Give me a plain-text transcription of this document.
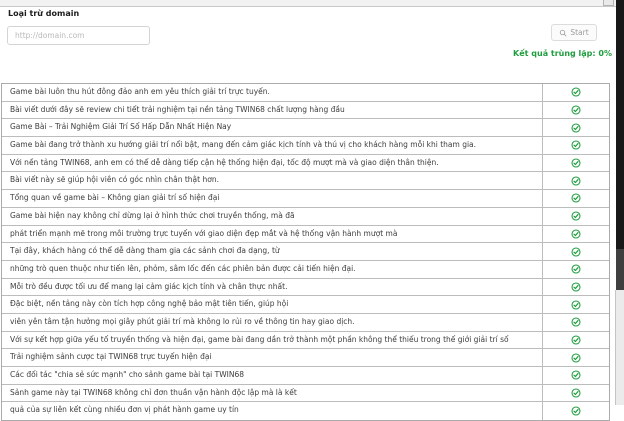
Loại trừ domain
http://domain.com
Start
Kết quả trùng lặp: 0%
Game bài luôn thu hút đông đảo anh em yêu thích giải trí trực tuyến.
Bài viết dưới đây sẽ review chi tiết trải nghiệm tại nền tảng TWIN68 chất lượng hàng đầu
Game Bài – Trải Nghiệm Giải Trí Số Hấp Dẫn Nhất Hiện Nay
Game bài đang trở thành xu hướng giải trí nổi bật, mang đến cảm giác kịch tính và thú vị cho khách hàng mỗi khi tham gia.
Với nền tảng TWIN68, anh em có thể dễ dàng tiếp cận hệ thống hiện đại, tốc độ mượt mà và giao diện thân thiện.
Bài viết này sẽ giúp hội viên có góc nhìn chân thật hơn.
Tổng quan về game bài – Không gian giải trí số hiện đại
Game bài hiện nay không chỉ dừng lại ở hình thức chơi truyền thống, mà đã
phát triển mạnh mẽ trong môi trường trực tuyến với giao diện đẹp mắt và hệ thống vận hành mượt mà
Tại đây, khách hàng có thể dễ dàng tham gia các sảnh chơi đa dạng, từ
những trò quen thuộc như tiến lên, phỏm, sâm lốc đến các phiên bản được cải tiến hiện đại.
Mỗi trò đều được tối ưu để mang lại cảm giác kịch tính và chân thực nhất.
Đặc biệt, nền tảng này còn tích hợp công nghệ bảo mật tiên tiến, giúp hội
viên yên tâm tận hưởng mọi giây phút giải trí mà không lo rủi ro về thông tin hay giao dịch.
Với sự kết hợp giữa yếu tố truyền thống và hiện đại, game bài đang dần trở thành một phần không thể thiếu trong thế giới giải trí số
Trải nghiệm sảnh cược tại TWIN68 trực tuyến hiện đại
Các đối tác "chia sẻ sức mạnh" cho sảnh game bài tại TWIN68
Sảnh game này tại TWIN68 không chỉ đơn thuần vận hành độc lập mà là kết
quả của sự liên kết cùng nhiều đơn vị phát hành game uy tín
